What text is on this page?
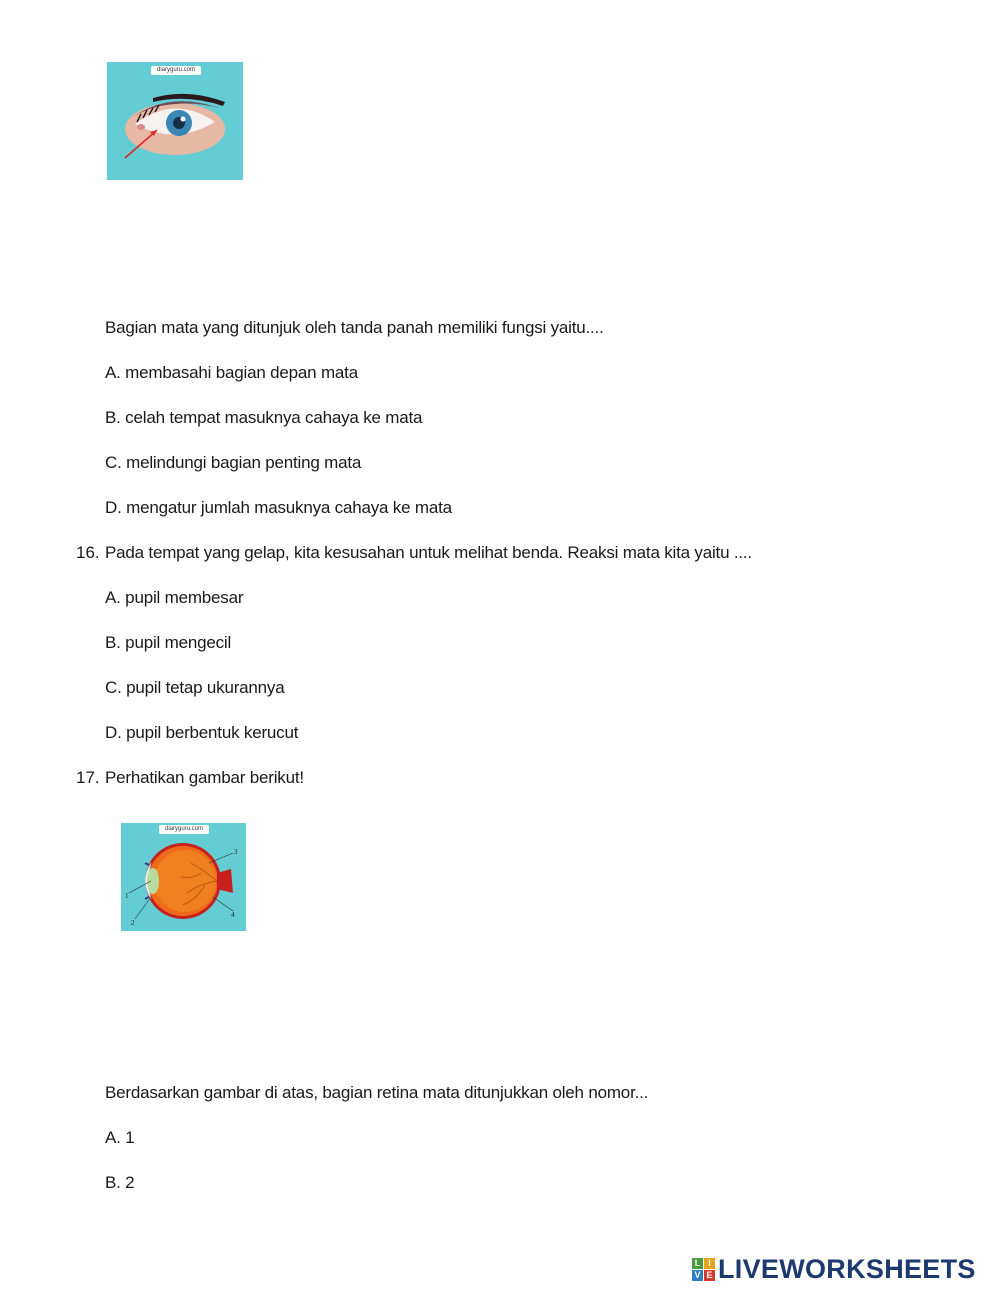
diaryguru.com
Bagian mata yang ditunjuk oleh tanda panah memiliki fungsi yaitu....
A. membasahi bagian depan mata
B. celah tempat masuknya cahaya ke mata
C. melindungi bagian penting mata
D. mengatur jumlah masuknya cahaya ke mata
16. Pada tempat yang gelap, kita kesusahan untuk melihat benda. Reaksi mata kita yaitu ....
A. pupil membesar
B. pupil mengecil
C. pupil tetap ukurannya
D. pupil berbentuk kerucut
17. Perhatikan gambar berikut!
1
2
3
4
diaryguru.com
Berdasarkan gambar di atas, bagian retina mata ditunjukkan oleh nomor...
A. 1
B. 2
L I
V E LIVEWORKSHEETS
